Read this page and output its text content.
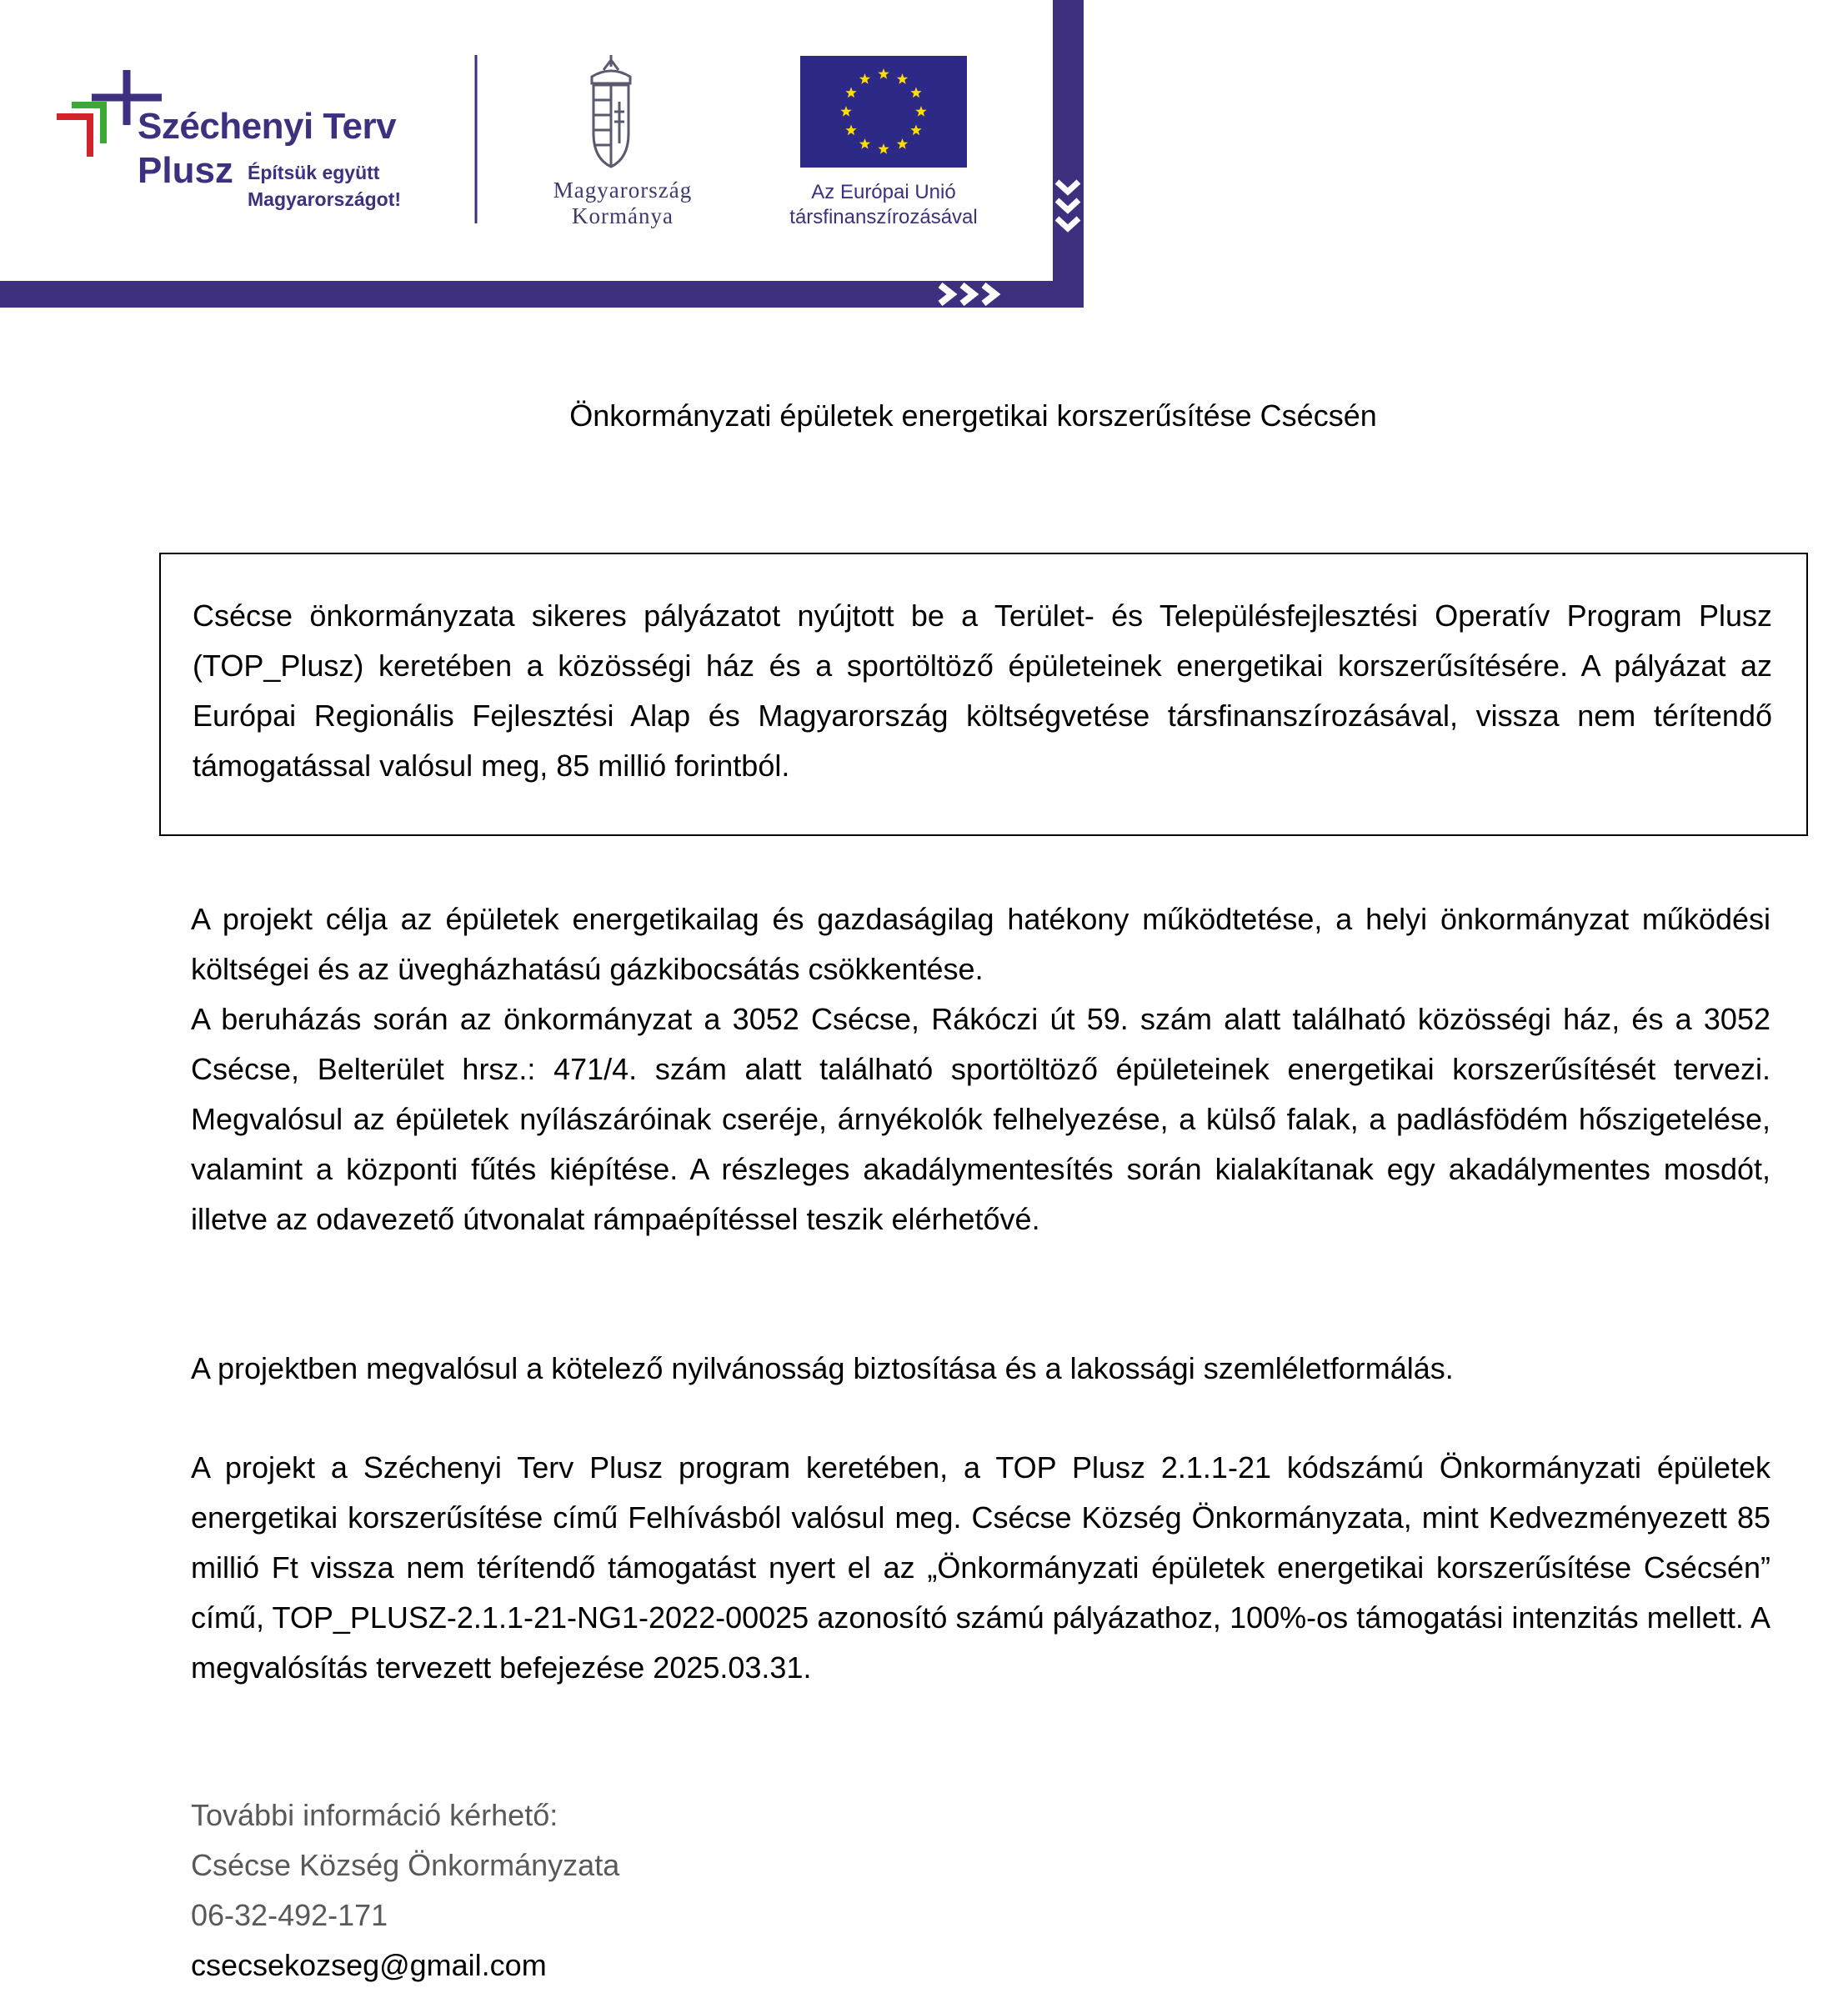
Széchenyi Terv
Plusz Építsük együtt
Magyarországot!	Magyarország
Kormánya
Az Európai Unió
társfinanszírozásával
Önkormányzati épületek energetikai korszerűsítése Csécsén
Csécse önkormányzata sikeres pályázatot nyújtott be a Terület- és Településfejlesztési Operatív Program Plusz (TOP_Plusz) keretében a közösségi ház és a sportöltöző épületeinek energetikai korszerűsítésére. A pályázat az Európai Regionális Fejlesztési Alap és Magyarország költségvetése társfinanszírozásával, vissza nem térítendő támogatással valósul meg, 85 millió forintból.
A projekt célja az épületek energetikailag és gazdaságilag hatékony működtetése, a helyi önkormányzat működési költségei és az üvegházhatású gázkibocsátás csökkentése.
A beruházás során az önkormányzat a 3052 Csécse, Rákóczi út 59. szám alatt található közösségi ház, és a 3052 Csécse, Belterület hrsz.: 471/4. szám alatt található sportöltöző épületeinek energetikai korszerűsítését tervezi. Megvalósul az épületek nyílászáróinak cseréje, árnyékolók felhelyezése, a külső falak, a padlásfödém hőszigetelése, valamint a központi fűtés kiépítése. A részleges akadálymentesítés során kialakítanak egy akadálymentes mosdót, illetve az odavezető útvonalat rámpaépítéssel teszik elérhetővé.
A projektben megvalósul a kötelező nyilvánosság biztosítása és a lakossági szemléletformálás.
A projekt a Széchenyi Terv Plusz program keretében, a TOP Plusz 2.1.1-21 kódszámú Önkormányzati épületek energetikai korszerűsítése című Felhívásból valósul meg. Csécse Község Önkormányzata, mint Kedvezményezett 85 millió Ft vissza nem térítendő támogatást nyert el az „Önkormányzati épületek energetikai korszerűsítése Csécsén” című, TOP_PLUSZ-2.1.1-21-NG1-2022-00025 azonosító számú pályázathoz, 100%-os támogatási intenzitás mellett. A megvalósítás tervezett befejezése 2025.03.31.
További információ kérhető:
Csécse Község Önkormányzata
06-32-492-171
csecsekozseg@gmail.com
